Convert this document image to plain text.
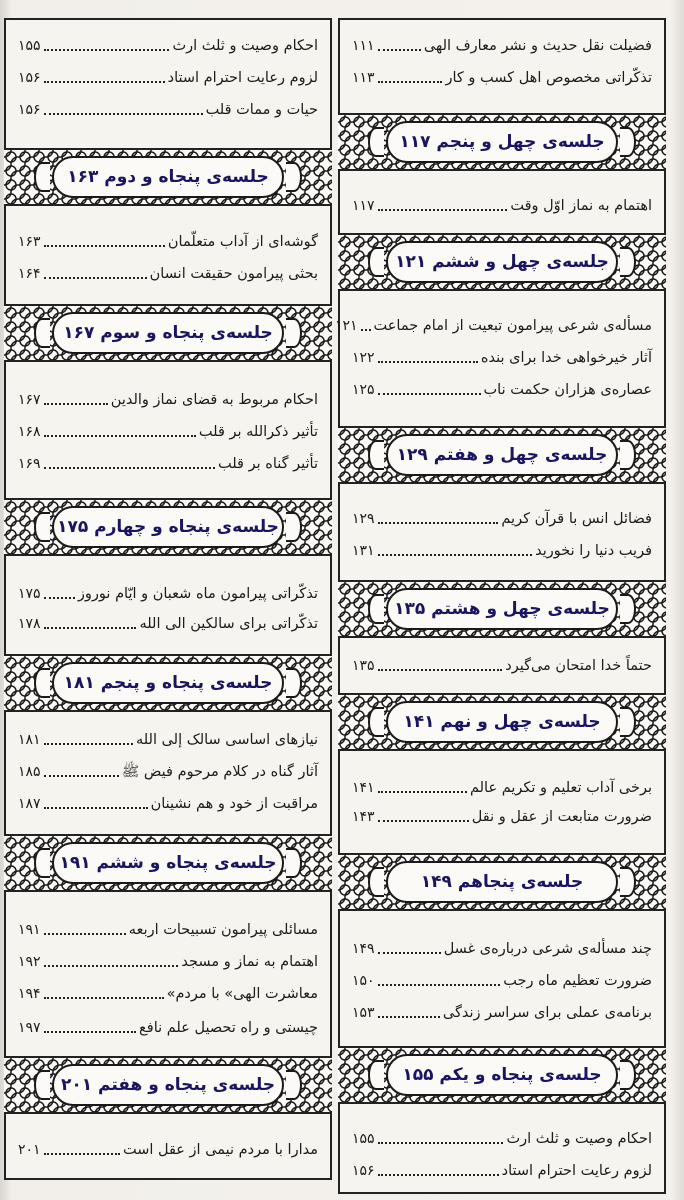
فضیلت نقل حدیث و نشر معارف الهی
۱۱۱
تذکّراتی مخصوص اهل کسب و کار
۱۱۳
جلسه‌ی چهل و پنجم ۱۱۷
اهتمام به نماز اوّل وقت
۱۱۷
جلسه‌ی چهل و ششم ۱۲۱
مسأله‌ی شرعی پیرامون تبعیت از امام جماعت
۱۲۱
آثار خیرخواهی خدا برای بنده
۱۲۲
عصاره‌ی هزاران حکمت ناب
۱۲۵
جلسه‌ی چهل و هفتم ۱۲۹
فضائل انس با قرآن کریم
۱۲۹
فریب دنیا را نخورید
۱۳۱
جلسه‌ی چهل و هشتم ۱۳۵
حتماً خدا امتحان می‌گیرد
۱۳۵
جلسه‌ی چهل و نهم ۱۴۱
برخی آداب تعلیم و تکریم عالم
۱۴۱
ضرورت متابعت از عقل و نقل
۱۴۳
جلسه‌ی پنجاهم ۱۴۹
چند مسأله‌ی شرعی درباره‌ی غسل
۱۴۹
ضرورت تعظیم ماه رجب
۱۵۰
برنامه‌ی عملی برای سراسر زندگی
۱۵۳
جلسه‌ی پنجاه و یکم ۱۵۵
احکام وصیت و ثلث ارث
۱۵۵
لزوم رعایت احترام استاد
۱۵۶
احکام وصیت و ثلث ارث
۱۵۵
لزوم رعایت احترام استاد
۱۵۶
حیات و ممات قلب
۱۵۶
جلسه‌ی پنجاه و دوم ۱۶۳
گوشه‌ای از آداب متعلّمان
۱۶۳
بحثی پیرامون حقیقت انسان
۱۶۴
جلسه‌ی پنجاه و سوم ۱۶۷
احکام مربوط به قضای نماز والدین
۱۶۷
تأثیر ذکرالله بر قلب
۱۶۸
تأثیر گناه بر قلب
۱۶۹
جلسه‌ی پنجاه و چهارم ۱۷۵
تذکّراتی پیرامون ماه شعبان و ایّام نوروز
۱۷۵
تذکّراتی برای سالکین الی الله
۱۷۸
جلسه‌ی پنجاه و پنجم ۱۸۱
نیازهای اساسی سالک إلی الله
۱۸۱
آثار گناه در کلام مرحوم فیض ﷺ
۱۸۵
مراقبت از خود و هم نشینان
۱۸۷
جلسه‌ی پنجاه و ششم ۱۹۱
مسائلی پیرامون تسبیحات اربعه
۱۹۱
اهتمام به نماز و مسجد
۱۹۲
«معاشرت الهی» با مردم
۱۹۴
چیستی و راه تحصیل علم نافع
۱۹۷
جلسه‌ی پنجاه و هفتم ۲۰۱
مدارا با مردم نیمی از عقل است
۲۰۱
